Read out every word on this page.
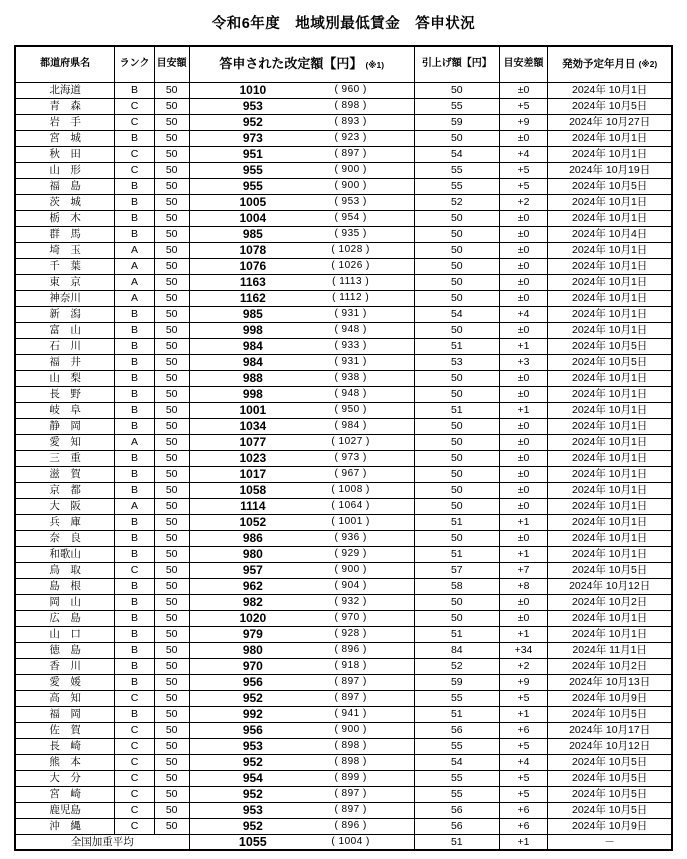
令和6年度　地域別最低賃金　答申状況
都道府県名	ランク	目安額	答申された改定額【円】 (※1)	引上げ額【円】	目安差額	発効予定年月日 (※2)
北海道	B	50	1010 ( 960 )	50	±0	2024年 10月1日
青　森	C	50	953 ( 898 )	55	+5	2024年 10月5日
岩　手	C	50	952 ( 893 )	59	+9	2024年 10月27日
宮　城	B	50	973 ( 923 )	50	±0	2024年 10月1日
秋　田	C	50	951 ( 897 )	54	+4	2024年 10月1日
山　形	C	50	955 ( 900 )	55	+5	2024年 10月19日
福　島	B	50	955 ( 900 )	55	+5	2024年 10月5日
茨　城	B	50	1005 ( 953 )	52	+2	2024年 10月1日
栃　木	B	50	1004 ( 954 )	50	±0	2024年 10月1日
群　馬	B	50	985 ( 935 )	50	±0	2024年 10月4日
埼　玉	A	50	1078 ( 1028 )	50	±0	2024年 10月1日
千　葉	A	50	1076 ( 1026 )	50	±0	2024年 10月1日
東　京	A	50	1163 ( 1113 )	50	±0	2024年 10月1日
神奈川	A	50	1162 ( 1112 )	50	±0	2024年 10月1日
新　潟	B	50	985 ( 931 )	54	+4	2024年 10月1日
富　山	B	50	998 ( 948 )	50	±0	2024年 10月1日
石　川	B	50	984 ( 933 )	51	+1	2024年 10月5日
福　井	B	50	984 ( 931 )	53	+3	2024年 10月5日
山　梨	B	50	988 ( 938 )	50	±0	2024年 10月1日
長　野	B	50	998 ( 948 )	50	±0	2024年 10月1日
岐　阜	B	50	1001 ( 950 )	51	+1	2024年 10月1日
静　岡	B	50	1034 ( 984 )	50	±0	2024年 10月1日
愛　知	A	50	1077 ( 1027 )	50	±0	2024年 10月1日
三　重	B	50	1023 ( 973 )	50	±0	2024年 10月1日
滋　賀	B	50	1017 ( 967 )	50	±0	2024年 10月1日
京　都	B	50	1058 ( 1008 )	50	±0	2024年 10月1日
大　阪	A	50	1114 ( 1064 )	50	±0	2024年 10月1日
兵　庫	B	50	1052 ( 1001 )	51	+1	2024年 10月1日
奈　良	B	50	986 ( 936 )	50	±0	2024年 10月1日
和歌山	B	50	980 ( 929 )	51	+1	2024年 10月1日
鳥　取	C	50	957 ( 900 )	57	+7	2024年 10月5日
島　根	B	50	962 ( 904 )	58	+8	2024年 10月12日
岡　山	B	50	982 ( 932 )	50	±0	2024年 10月2日
広　島	B	50	1020 ( 970 )	50	±0	2024年 10月1日
山　口	B	50	979 ( 928 )	51	+1	2024年 10月1日
徳　島	B	50	980 ( 896 )	84	+34	2024年 11月1日
香　川	B	50	970 ( 918 )	52	+2	2024年 10月2日
愛　媛	B	50	956 ( 897 )	59	+9	2024年 10月13日
高　知	C	50	952 ( 897 )	55	+5	2024年 10月9日
福　岡	B	50	992 ( 941 )	51	+1	2024年 10月5日
佐　賀	C	50	956 ( 900 )	56	+6	2024年 10月17日
長　崎	C	50	953 ( 898 )	55	+5	2024年 10月12日
熊　本	C	50	952 ( 898 )	54	+4	2024年 10月5日
大　分	C	50	954 ( 899 )	55	+5	2024年 10月5日
宮　崎	C	50	952 ( 897 )	55	+5	2024年 10月5日
鹿児島	C	50	953 ( 897 )	56	+6	2024年 10月5日
沖　縄	C	50	952 ( 896 )	56	+6	2024年 10月9日
全国加重平均			1055 ( 1004 )	51	+1	－
